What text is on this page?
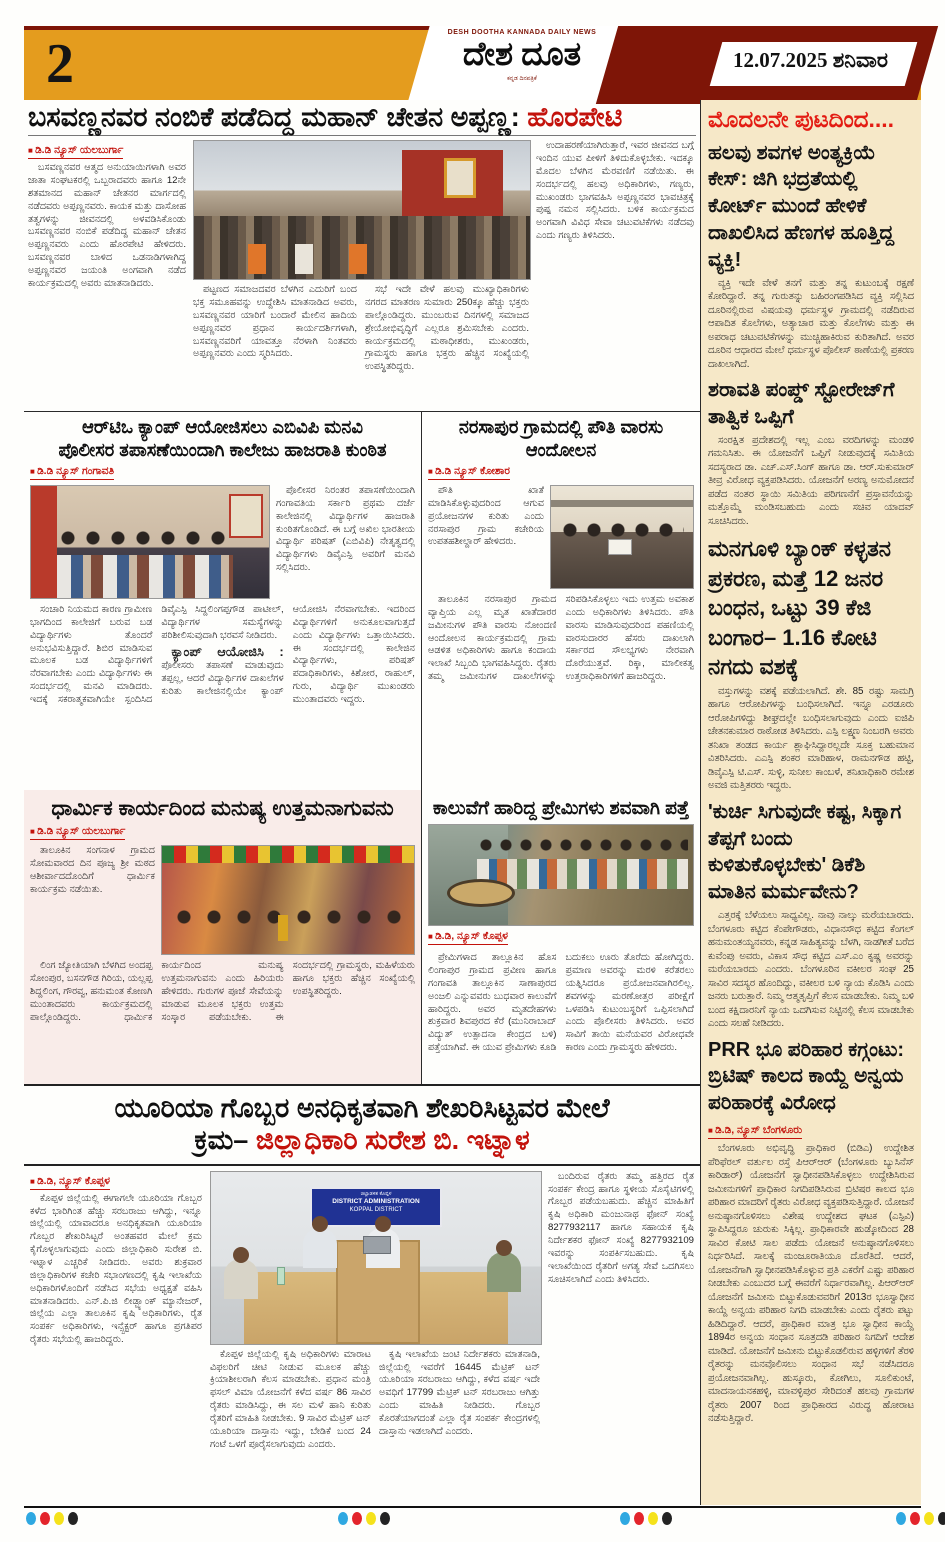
2
DESH DOOTHA KANNADA DAILY NEWS
ದೇಶ ದೂತ
ಕನ್ನಡ ದಿನಪತ್ರಿಕೆ
12.07.2025 ಶನಿವಾರ
ಬಸವಣ್ಣನವರ ನಂಬಿಕೆ ಪಡೆದಿದ್ದ ಮಹಾನ್ ಚೇತನ ಅಪ್ಪಣ್ಣ: ಹೊರಪೇಟಿ
■ ಡಿ.ಡಿ ನ್ಯೂಸ್ ಯಲಬುರ್ಗಾ

ಬಸವಣ್ಣನವರ ಆತ್ಮದ ಅನುಯಾಯಿಗಳಾಗಿ ಅವರ ಜಾತಾ ಸಂಘಟಕರಲ್ಲಿ ಒಬ್ಬರಾದವರು ಹಾಗೂ 12ನೇ ಶತಮಾನದ ಮಹಾನ್ ಚೇತನರ ಮಾರ್ಗದಲ್ಲಿ ನಡೆದವರು ಅಪ್ಪಣ್ಣನವರು. ಕಾಯಕ ಮತ್ತು ದಾಸೋಹ ತತ್ವಗಳನ್ನು ಜೀವನದಲ್ಲಿ ಅಳವಡಿಸಿಕೊಂಡು ಬಸವಣ್ಣನವರ ನಂಬಿಕೆ ಪಡೆದಿದ್ದ ಮಹಾನ್ ಚೇತನ ಅಪ್ಪಣ್ಣನವರು ಎಂದು ಹೊರಪೇಟಿ ಹೇಳಿದರು. ಬಸವಣ್ಣನವರ ಬಾಳಿದ ಒಡನಾಡಿಗಳಾಗಿದ್ದ ಅಪ್ಪಣ್ಣನವರ ಜಯಂತಿ ಅಂಗವಾಗಿ ನಡೆದ ಕಾರ್ಯಕ್ರಮದಲ್ಲಿ ಅವರು ಮಾತನಾಡಿದರು.

ಪಟ್ಟಣದ ಸಮಾಜದವರ ಬೆಳಗಿನ ಎದುರಿಗೆ ಬಂದ ಭಕ್ತ ಸಮೂಹವನ್ನು ಉದ್ದೇಶಿಸಿ ಮಾತನಾಡಿದ ಅವರು, ಬಸವಣ್ಣನವರ ಯಾರಿಗೆ ಬಂದಾರೆ ಮೇಲಿನ ಹಾದಿಯ ಅಪ್ಪಣ್ಣನವರ ಪ್ರಧಾನ ಕಾರ್ಯದರ್ಶಿಗಳಾಗಿ, ಬಸವಣ್ಣನವರಿಗೆ ಯಾವತ್ತೂ ನೆರಳಾಗಿ ನಿಂತವರು ಅಪ್ಪಣ್ಣನವರು ಎಂದು ಸ್ಮರಿಸಿದರು.

ಸಭೆ ಇದೇ ವೇಳೆ ಹಲವು ಮುಖ್ಯಾಧಿಕಾರಿಗಳು ನಗರದ ಮಾತರಣ ಸುಮಾರು 250ಕ್ಕೂ ಹೆಚ್ಚು ಭಕ್ತರು ಪಾಲ್ಗೊಂಡಿದ್ದರು. ಮುಂಬರುವ ದಿನಗಳಲ್ಲಿ ಸಮಾಜದ ಶ್ರೇಯೋಭಿವೃದ್ಧಿಗೆ ಎಲ್ಲರೂ ಶ್ರಮಿಸಬೇಕು ಎಂದರು. ಕಾರ್ಯಕ್ರಮದಲ್ಲಿ ಮಠಾಧೀಶರು, ಮುಖಂಡರು, ಗ್ರಾಮಸ್ಥರು ಹಾಗೂ ಭಕ್ತರು ಹೆಚ್ಚಿನ ಸಂಖ್ಯೆಯಲ್ಲಿ ಉಪಸ್ಥಿತರಿದ್ದರು.

ಉದಾಹರಣೆಯಾಗಿರುತ್ತಾರೆ, ಇವರ ಜೀವನದ ಬಗ್ಗೆ ಇಂದಿನ ಯುವ ಪೀಳಿಗೆ ತಿಳಿದುಕೊಳ್ಳಬೇಕು. ಇದಕ್ಕೂ ಮೊದಲ ಬೆಳಗಿನ ಮೆರವಣಿಗೆ ನಡೆಯಿತು. ಈ ಸಂದರ್ಭದಲ್ಲಿ ಹಲವು ಅಧಿಕಾರಿಗಳು, ಗಣ್ಯರು, ಮುಖಂಡರು ಭಾಗವಹಿಸಿ ಅಪ್ಪಣ್ಣನವರ ಭಾವಚಿತ್ರಕ್ಕೆ ಪುಷ್ಪ ನಮನ ಸಲ್ಲಿಸಿದರು. ಬಳಿಕ ಕಾರ್ಯಕ್ರಮದ ಅಂಗವಾಗಿ ವಿವಿಧ ಸೇವಾ ಚಟುವಟಿಕೆಗಳು ನಡೆದವು ಎಂದು ಗಣ್ಯರು ತಿಳಿಸಿದರು.

ಆರ್‌ಟಿಒ ಕ್ಯಾಂಪ್ ಆಯೋಜಿಸಲು ಎಬಿವಿಪಿ ಮನವಿ
ಪೊಲೀಸರ ತಪಾಸಣೆಯಿಂದಾಗಿ ಕಾಲೇಜು ಹಾಜರಾತಿ ಕುಂಠಿತ
■ ಡಿ.ಡಿ ನ್ಯೂಸ್ ಗಂಗಾವತಿ

ಪೊಲೀಸರ ನಿರಂತರ ತಪಾಸಣೆಯಿಂದಾಗಿ ಗಂಗಾವತಿಯ ಸರ್ಕಾರಿ ಪ್ರಥಮ ದರ್ಜೆ ಕಾಲೇಜಿನಲ್ಲಿ ವಿದ್ಯಾರ್ಥಿಗಳ ಹಾಜರಾತಿ ಕುಂಠಿತಗೊಂಡಿದೆ. ಈ ಬಗ್ಗೆ ಅಖಿಲ ಭಾರತೀಯ ವಿದ್ಯಾರ್ಥಿ ಪರಿಷತ್ (ಎಬಿವಿಪಿ) ನೇತೃತ್ವದಲ್ಲಿ ವಿದ್ಯಾರ್ಥಿಗಳು ಡಿವೈಎಸ್ಪಿ ಅವರಿಗೆ ಮನವಿ ಸಲ್ಲಿಸಿದರು.

ಸಂಚಾರಿ ನಿಯಮದ ಕಾರಣ ಗ್ರಾಮೀಣ ಭಾಗದಿಂದ ಕಾಲೇಜಿಗೆ ಬರುವ ಬಡ ವಿದ್ಯಾರ್ಥಿಗಳು ತೊಂದರೆ ಅನುಭವಿಸುತ್ತಿದ್ದಾರೆ. ಶಿಬಿರ ಮಾಡಿಸುವ ಮೂಲಕ ಬಡ ವಿದ್ಯಾರ್ಥಿಗಳಿಗೆ ನೆರವಾಗಬೇಕು ಎಂದು ವಿದ್ಯಾರ್ಥಿಗಳು ಈ ಸಂದರ್ಭದಲ್ಲಿ ಮನವಿ ಮಾಡಿದರು. ಇದಕ್ಕೆ ಸಕರಾತ್ಮಕವಾಗಿಯೇ ಸ್ಪಂದಿಸಿದ ಡಿವೈಎಸ್ಪಿ ಸಿದ್ದಲಿಂಗಪ್ಪಗೌಡ ಪಾಟೀಲ್, ವಿದ್ಯಾರ್ಥಿಗಳ ಸಮಸ್ಯೆಗಳನ್ನು ಪರಿಶೀಲಿಸುವುದಾಗಿ ಭರವಸೆ ನೀಡಿದರು.

ಕ್ಯಾಂಪ್ ಆಯೋಜಿಸಿ : ಪೊಲೀಸರು ತಪಾಸಣೆ ಮಾಡುವುದು ತಪ್ಪಲ್ಲ, ಆದರೆ ವಿದ್ಯಾರ್ಥಿಗಳ ದಾಖಲೆಗಳ ಕುರಿತು ಕಾಲೇಜಿನಲ್ಲಿಯೇ ಕ್ಯಾಂಪ್ ಆಯೋಜಿಸಿ ನೆರವಾಗಬೇಕು. ಇದರಿಂದ ವಿದ್ಯಾರ್ಥಿಗಳಿಗೆ ಅನುಕೂಲವಾಗುತ್ತದೆ ಎಂದು ವಿದ್ಯಾರ್ಥಿಗಳು ಒತ್ತಾಯಿಸಿದರು. ಈ ಸಂದರ್ಭದಲ್ಲಿ ಕಾಲೇಜಿನ ವಿದ್ಯಾರ್ಥಿಗಳು, ಪರಿಷತ್ ಪದಾಧಿಕಾರಿಗಳು, ಕಿಶೋರ, ರಾಹುಲ್, ಗುರು, ವಿದ್ಯಾರ್ಥಿ ಮುಖಂಡರು ಮುಂತಾದವರು ಇದ್ದರು.

ನರಸಾಪುರ ಗ್ರಾಮದಲ್ಲಿ ಪೌತಿ ವಾರಸು ಆಂದೋಲನ
■ ಡಿ.ಡಿ ನ್ಯೂಸ್ ಕೋಶಾರ

ಪೌತಿ ಖಾತೆ ಮಾಡಿಸಿಕೊಳ್ಳುವುದರಿಂದ ಆಗುವ ಪ್ರಯೋಜನಗಳ ಕುರಿತು ಎಂದು ನರಸಾಪುರ ಗ್ರಾಮ ಕಚೇರಿಯ ಉಪತಹಶೀಲ್ದಾರ್ ಹೇಳಿದರು.

ತಾಲೂಕಿನ ನರಸಾಪುರ ಗ್ರಾಮದ ವ್ಯಾಪ್ತಿಯ ಎಲ್ಲ ಮೃತ ಖಾತೆದಾರರ ಜಮೀನುಗಳ ಪೌತಿ ವಾರಸು ನೋಂದಣಿ ಆಂದೋಲನ ಕಾರ್ಯಕ್ರಮದಲ್ಲಿ ಗ್ರಾಮ ಆಡಳಿತ ಅಧಿಕಾರಿಗಳು ಹಾಗೂ ಕಂದಾಯ ಇಲಾಖೆ ಸಿಬ್ಬಂದಿ ಭಾಗವಹಿಸಿದ್ದರು. ರೈತರು ತಮ್ಮ ಜಮೀನುಗಳ ದಾಖಲೆಗಳನ್ನು ಸರಿಪಡಿಸಿಕೊಳ್ಳಲು ಇದು ಉತ್ತಮ ಅವಕಾಶ ಎಂದು ಅಧಿಕಾರಿಗಳು ತಿಳಿಸಿದರು. ಪೌತಿ ವಾರಸು ಮಾಡಿಸುವುದರಿಂದ ಪಹಣಿಯಲ್ಲಿ ವಾರಸುದಾರರ ಹೆಸರು ದಾಖಲಾಗಿ ಸರ್ಕಾರದ ಸೌಲಭ್ಯಗಳು ನೇರವಾಗಿ ದೊರೆಯುತ್ತವೆ. ರಿಕ್ಕಾ, ಮಾಲೀಕತ್ವ ಉತ್ತರಾಧಿಕಾರಿಗಳಿಗೆ ಹಾಜರಿದ್ದರು.

ಧಾರ್ಮಿಕ ಕಾರ್ಯದಿಂದ ಮನುಷ್ಯ ಉತ್ತಮನಾಗುವನು
■ ಡಿ.ಡಿ ನ್ಯೂಸ್ ಯಲಬುರ್ಗಾ

ತಾಲೂಕಿನ ಸಂಗನಾಳ ಗ್ರಾಮದ ಸೋಮವಾರದ ದಿನ ಪೂಜ್ಯ ಶ್ರೀ ಮಠದ ಆಶೀರ್ವಾದದೊಂದಿಗೆ ಧಾರ್ಮಿಕ ಕಾರ್ಯಕ್ರಮ ನಡೆಯಿತು.

ಲಿಂಗ ಜ್ಯೋತಿಯಾಗಿ ಬೆಳಗಿದ ಅಂದಪ್ಪ ಸೋಂಪುರ, ಬಸನಗೌಡ ಗಿರಿಯ, ಯಲ್ಲಪ್ಪ ಶಿದ್ದಲಿಂಗ, ಗೌರವ್ವ, ಹನುಮಂತ ಕೋಣಗಿ ಮುಂತಾದವರು ಕಾರ್ಯಕ್ರಮದಲ್ಲಿ ಪಾಲ್ಗೊಂಡಿದ್ದರು. ಧಾರ್ಮಿಕ ಕಾರ್ಯದಿಂದ ಮನುಷ್ಯ ಉತ್ತಮನಾಗುವನು ಎಂದು ಹಿರಿಯರು ಹೇಳಿದರು. ಗುರುಗಳ ಪೂಜೆ ಸೇವೆಯನ್ನು ಮಾಡುವ ಮೂಲಕ ಭಕ್ತರು ಉತ್ತಮ ಸಂಸ್ಕಾರ ಪಡೆಯಬೇಕು. ಈ ಸಂದರ್ಭದಲ್ಲಿ ಗ್ರಾಮಸ್ಥರು, ಮಹಿಳೆಯರು ಹಾಗೂ ಭಕ್ತರು ಹೆಚ್ಚಿನ ಸಂಖ್ಯೆಯಲ್ಲಿ ಉಪಸ್ಥಿತರಿದ್ದರು.

ಕಾಲುವೆಗೆ ಹಾರಿದ್ದ ಪ್ರೇಮಿಗಳು ಶವವಾಗಿ ಪತ್ತೆ
■ ಡಿ.ಡಿ, ನ್ಯೂಸ್ ಕೊಪ್ಪಳ

ಪ್ರೇಮಿಗಳಾದ ತಾಲ್ಲೂಕಿನ ಹೊಸ ಲಿಂಗಾಪುರ ಗ್ರಾಮದ ಪ್ರವೀಣ ಹಾಗೂ ಗಂಗಾವತಿ ತಾಲ್ಲೂಕಿನ ಸಾಣಾಪುರದ ಅಂಜಲಿ ಎನ್ನುವವರು ಬುಧವಾರ ಕಾಲುವೆಗೆ ಹಾರಿದ್ದರು. ಅವರ ಮೃತದೇಹಗಳು ಶುಕ್ರವಾರ ಶಿವಪುರದ ಕೆರೆ (ಮುನಿರಾಬಾದ್ ವಿದ್ಯುತ್ ಉತ್ಪಾದನಾ ಕೇಂದ್ರದ ಬಳಿ) ಪತ್ತೆಯಾಗಿವೆ. ಈ ಯುವ ಪ್ರೇಮಿಗಳು ಕೂಡಿ ಬದುಕಲು ಊರು ತೊರೆದು ಹೋಗಿದ್ದರು. ಪ್ರಮಾಣ ಅವರನ್ನು ಮರಳಿ ಕರೆತರಲು ಯತ್ನಿಸಿದರೂ ಪ್ರಯೋಜನವಾಗಿರಲಿಲ್ಲ. ಶವಗಳನ್ನು ಮರಣೋತ್ತರ ಪರೀಕ್ಷೆಗೆ ಒಳಪಡಿಸಿ ಕುಟುಂಬಸ್ಥರಿಗೆ ಒಪ್ಪಿಸಲಾಗಿದೆ ಎಂದು ಪೊಲೀಸರು ತಿಳಿಸಿದರು. ಅವರ ಸಾವಿಗೆ ತಾಯಿ ಮನೆಯವರ ವಿರೋಧವೇ ಕಾರಣ ಎಂದು ಗ್ರಾಮಸ್ಥರು ಹೇಳಿದರು.

ಯೂರಿಯಾ ಗೊಬ್ಬರ ಅನಧಿಕೃತವಾಗಿ ಶೇಖರಿಸಿಟ್ಟವರ ಮೇಲೆ
ಕ್ರಮ– ಜಿಲ್ಲಾಧಿಕಾರಿ ಸುರೇಶ ಬಿ. ಇಟ್ನಾಳ
■ ಡಿ.ಡಿ, ನ್ಯೂಸ್ ಕೊಪ್ಪಳ

ಕೊಪ್ಪಳ ಜಿಲ್ಲೆಯಲ್ಲಿ ಈಗಾಗಲೇ ಯೂರಿಯಾ ಗೊಬ್ಬರ ಕಳೆದ ಭಾರಿಗಿಂತ ಹೆಚ್ಚು ಸರಬರಾಜು ಆಗಿದ್ದು, ಇನ್ನೂ ಜಿಲ್ಲೆಯಲ್ಲಿ ಯಾವಾದರೂ ಅನಧಿಕೃತವಾಗಿ ಯೂರಿಯಾ ಗೊಬ್ಬರ ಶೇಖರಿಸಿಟ್ಟರೆ ಅಂತಹವರ ಮೇಲೆ ಕ್ರಮ ಕೈಗೊಳ್ಳಲಾಗುವುದು ಎಂದು ಜಿಲ್ಲಾಧಿಕಾರಿ ಸುರೇಶ ಬಿ. ಇಟ್ನಾಳ ಎಚ್ಚರಿಕೆ ನೀಡಿದರು. ಅವರು ಶುಕ್ರವಾರ ಜಿಲ್ಲಾಧಿಕಾರಿಗಳ ಕಚೇರಿ ಸಭಾಂಗಣದಲ್ಲಿ ಕೃಷಿ ಇಲಾಖೆಯ ಅಧಿಕಾರಿಗಳೊಂದಿಗೆ ನಡೆಸಿದ ಸಭೆಯ ಅಧ್ಯಕ್ಷತೆ ವಹಿಸಿ ಮಾತನಾಡಿದರು. ಎನ್.ಪಿ.ಜಿ ಲೀಡ್ಬ್ಯಾಂಕ್ ಮ್ಯಾನೇಜರ್, ಜಿಲ್ಲೆಯ ಎಲ್ಲಾ ತಾಲೂಕಿನ ಕೃಷಿ ಅಧಿಕಾರಿಗಳು, ರೈತ ಸಂಪರ್ಕ ಅಧಿಕಾರಿಗಳು, ಇನ್ಸ್ಪೆಕ್ಟರ್ ಹಾಗೂ ಪ್ರಗತಿಪರ ರೈತರು ಸಭೆಯಲ್ಲಿ ಹಾಜರಿದ್ದರು.

ಜಿಲ್ಲಾಡಳಿತ ಕೊಪ್ಪಳ
DISTRICT ADMINISTRATION
KOPPAL DISTRICT

ಕೊಪ್ಪಳ ಜಿಲ್ಲೆಯಲ್ಲಿ ಕೃಷಿ ಅಧಿಕಾರಿಗಳು ಮಾರಾಟ ವಿಫಲರಿಗೆ ಚೀಟಿ ನೀಡುವ ಮೂಲಕ ಹೆಚ್ಚು ಕ್ರಿಯಾಶೀಲರಾಗಿ ಕೆಲಸ ಮಾಡಬೇಕು. ಪ್ರಧಾನ ಮಂತ್ರಿ ಫಸಲ್ ವಿಮಾ ಯೋಜನೆಗೆ ಕಳೆದ ವರ್ಷ 86 ಸಾವಿರ ರೈತರು ಮಾಡಿಸಿದ್ದು, ಈ ಸಲ ಮಳೆ ಹಾನಿ ಕುರಿತು ರೈತರಿಗೆ ಮಾಹಿತಿ ನೀಡಬೇಕು. 9 ಸಾವಿರ ಮೆಟ್ರಿಕ್ ಟನ್ ಯೂರಿಯಾ ದಾಸ್ತಾನು ಇದ್ದು, ಬೇಡಿಕೆ ಬಂದ 24 ಗಂಟೆ ಒಳಗೆ ಪೂರೈಸಲಾಗುವುದು ಎಂದರು.

ಕೃಷಿ ಇಲಾಖೆಯ ಜಂಟಿ ನಿರ್ದೇಶಕರು ಮಾತನಾಡಿ, ಜಿಲ್ಲೆಯಲ್ಲಿ ಇವರೆಗೆ 16445 ಮೆಟ್ರಿಕ್ ಟನ್ ಯೂರಿಯಾ ಸರಬರಾಜು ಆಗಿದ್ದು, ಕಳೆದ ವರ್ಷ ಇದೇ ಅವಧಿಗೆ 17799 ಮೆಟ್ರಿಕ್ ಟನ್ ಸರಬರಾಜು ಆಗಿತ್ತು ಎಂದು ಮಾಹಿತಿ ನೀಡಿದರು. ಗೊಬ್ಬರ ಕೊರತೆಯಾಗದಂತೆ ಎಲ್ಲಾ ರೈತ ಸಂಪರ್ಕ ಕೇಂದ್ರಗಳಲ್ಲಿ ದಾಸ್ತಾನು ಇಡಲಾಗಿದೆ ಎಂದರು.

ಬಂದಿರುವ ರೈತರು ತಮ್ಮ ಹತ್ತಿರದ ರೈತ ಸಂಪರ್ಕ ಕೇಂದ್ರ ಹಾಗೂ ಸ್ಥಳೀಯ ಸೊಸೈಟಿಗಳಲ್ಲಿ ಗೊಬ್ಬರ ಪಡೆಯಬಹುದು. ಹೆಚ್ಚಿನ ಮಾಹಿತಿಗೆ ಕೃಷಿ ಅಧಿಕಾರಿ ಮಂಜುನಾಥ ಫೋನ್ ಸಂಖ್ಯೆ 8277932117 ಹಾಗೂ ಸಹಾಯಕ ಕೃಷಿ ನಿರ್ದೇಶಕರ ಫೋನ್ ಸಂಖ್ಯೆ 8277932109 ಇವರನ್ನು ಸಂಪರ್ಕಿಸಬಹುದು. ಕೃಷಿ ಇಲಾಖೆಯಿಂದ ರೈತರಿಗೆ ಅಗತ್ಯ ಸೇವೆ ಒದಗಿಸಲು ಸೂಚಿಸಲಾಗಿದೆ ಎಂದು ತಿಳಿಸಿದರು.

ಮೊದಲನೇ ಪುಟದಿಂದ....
ಹಲವು ಶವಗಳ ಅಂತ್ಯಕ್ರಿಯೆ ಕೇಸ್: ಜಿಗಿ ಭದ್ರತೆಯಲ್ಲಿ ಕೋರ್ಟ್ ಮುಂದೆ ಹೇಳಿಕೆ ದಾಖಲಿಸಿದ ಹೆಣಗಳ ಹೂತ್ತಿದ್ದ ವ್ಯಕ್ತಿ!

ವ್ಯಕ್ತಿ ಇದೇ ವೇಳೆ ತನಗೆ ಮತ್ತು ತನ್ನ ಕುಟುಂಬಕ್ಕೆ ರಕ್ಷಣೆ ಕೋರಿದ್ದಾರೆ. ತನ್ನ ಗುರುತನ್ನು ಬಹಿರಂಗಪಡಿಸಿದ ವ್ಯಕ್ತಿ ಸಲ್ಲಿಸಿದ ದೂರಿನಲ್ಲಿರುವ ವಿಷಯವು ಧರ್ಮಸ್ಥಳ ಗ್ರಾಮದಲ್ಲಿ ನಡೆದಿರುವ ಆಪಾದಿತ ಕೊಲೆಗಳು, ಅತ್ಯಾಚಾರ ಮತ್ತು ಕೊಲೆಗಳು ಮತ್ತು ಈ ಅಪರಾಧ ಚಟುವಟಿಕೆಗಳನ್ನು ಮುಚ್ಚಿಹಾಕಿರುವ ಕುರಿತಾಗಿದೆ. ಅವರ ದೂರಿನ ಆಧಾರದ ಮೇಲೆ ಧರ್ಮಸ್ಥಳ ಪೊಲೀಸ್ ಠಾಣೆಯಲ್ಲಿ ಪ್ರಕರಣ ದಾಖಲಾಗಿದೆ.

ಶರಾವತಿ ಪಂಪ್ಡ್ ಸ್ಟೋರೇಜ್‌ಗೆ ತಾತ್ವಿಕ ಒಪ್ಪಿಗೆ

ಸಂರಕ್ಷಿತ ಪ್ರದೇಶದಲ್ಲಿ ಇಲ್ಲ ಎಂಬ ವರದಿಗಳನ್ನು ಮಂಡಳಿ ಗಮನಿಸಿತು. ಈ ಯೋಜನೆಗೆ ಒಪ್ಪಿಗೆ ನೀಡುವುದಕ್ಕೆ ಸಮಿತಿಯ ಸದಸ್ಯರಾದ ಡಾ. ಎಚ್.ಎಸ್.ಸಿಂಗ್ ಹಾಗೂ ಡಾ. ಆರ್.ಸುಕುಮಾರ್ ತೀವ್ರ ವಿರೋಧ ವ್ಯಕ್ತಪಡಿಸಿದರು. ಯೋಜನೆಗೆ ಅರಣ್ಯ ಅನುಮೋದನೆ ಪಡೆದ ನಂತರ ಸ್ಥಾಯಿ ಸಮಿತಿಯ ಪರಿಗಣನೆಗೆ ಪ್ರಸ್ತಾವನೆಯನ್ನು ಮತ್ತೊಮ್ಮೆ ಮಂಡಿಸಬಹುದು ಎಂದು ಸಚಿವ ಯಾದವ್ ಸೂಚಿಸಿದರು.

ಮನಗೂಳಿ ಬ್ಯಾಂಕ್ ಕಳ್ಳತನ ಪ್ರಕರಣ, ಮತ್ತೆ 12 ಜನರ ಬಂಧನ, ಒಟ್ಟು 39 ಕೆಜಿ ಬಂಗಾರ– 1.16 ಕೋಟಿ ನಗದು ವಶಕ್ಕೆ

ವಸ್ತುಗಳನ್ನು ವಶಕ್ಕೆ ಪಡೆಯಲಾಗಿದೆ. ಶೇ. 85 ರಷ್ಟು ಸಾಮಗ್ರಿ ಹಾಗೂ ಆರೋಪಿಗಳನ್ನು ಬಂಧಿಸಲಾಗಿದೆ. ಇನ್ನೂ ಎರಡೂರು ಆರೋಪಿಗಳಿದ್ದು ಶೀಘ್ರದಲ್ಲೇ ಬಂಧಿಸಲಾಗುವುದು ಎಂದು ಐಜಿಪಿ ಚೇತನಕುಮಾರ ರಾಠೋಡ ತಿಳಿಸಿದರು. ಎಸ್ಪಿ ಲಕ್ಷ್ಮಣ ನಿಂಬರಗಿ ಅವರು ತನಿಖಾ ತಂಡದ ಕಾರ್ಯ ಶ್ಲಾಘಿಸಿದ್ದಾರಲ್ಲದೇ ಸೂಕ್ತ ಬಹುಮಾನ ವಿತರಿಸಿದರು. ಎಎಸ್ಪಿ ಶಂಕರ ಮಾರಿಹಾಳ, ರಾಮನಗೌಡ ಹಟ್ಟಿ, ಡಿವೈಎಸ್ಪಿ ಟಿ.ಎಸ್. ಸುಳ್ಳಿ, ಸುನೀಲ ಕಾಂಬಳೆ, ತನಿಖಾಧಿಕಾರಿ ರಮೇಶ ಅವಜಿ ಮತ್ತಿತರರು ಇದ್ದರು.

'ಕುರ್ಚಿ ಸಿಗುವುದೇ ಕಷ್ಟ, ಸಿಕ್ಕಾಗ ತೆಪ್ಪಗೆ ಬಂದು ಕುಳಿತುಕೊಳ್ಳಬೇಕು' ಡಿಕೆಶಿ ಮಾತಿನ ಮರ್ಮವೇನು?

ಎತ್ತರಕ್ಕೆ ಬೆಳೆಯಲು ಸಾಧ್ಯವಿಲ್ಲ. ನಾವು ನಾಲ್ಕು ಮರೆಯಬಾರದು. ಬೆಂಗಳೂರು ಕಟ್ಟಿದ ಕೆಂಪೇಗೌಡರು, ವಿಧಾನಸೌಧ ಕಟ್ಟಿದ ಕೆಂಗಲ್ ಹನುಮಂತಯ್ಯನವರು, ಕನ್ನಡ ಸಾಹಿತ್ಯವನ್ನು ಬೆಳಗಿ, ನಾಡಗೀತೆ ಬರೆದ ಕುವೆಂಪು ಅವರು, ವಿಕಾಸ ಸೌಧ ಕಟ್ಟಿದ ಎಸ್.ಎಂ ಕೃಷ್ಣ ಅವರನ್ನು ಮರೆಯಬಾರದು ಎಂದರು. ಬೆಂಗಳೂರಿನ ವಕೀಲರ ಸಂಘ 25 ಸಾವಿರ ಸದಸ್ಯರ ಹೊಂದಿದ್ದು, ವಕೀಲರ ಬಳಿ ನ್ಯಾಯ ಕೊಡಿಸಿ ಎಂದು ಜನರು ಬರುತ್ತಾರೆ. ನಿಮ್ಮ ಆತ್ಮತೃಪ್ತಿಗೆ ಕೆಲಸ ಮಾಡಬೇಕು. ನಿಮ್ಮ ಬಳಿ ಬಂದ ಕಕ್ಷಿದಾರನಿಗೆ ನ್ಯಾಯ ಒದಗಿಸುವ ನಿಟ್ಟಿನಲ್ಲಿ ಕೆಲಸ ಮಾಡಬೇಕು ಎಂದು ಸಲಹೆ ನೀಡಿದರು.

PRR ಭೂ ಪರಿಹಾರ ಕಗ್ಗಂಟು: ಬ್ರಿಟಿಷ್ ಕಾಲದ ಕಾಯ್ದೆ ಅನ್ವಯ ಪರಿಹಾರಕ್ಕೆ ವಿರೋಧ
■ ಡಿ.ಡಿ, ನ್ಯೂಸ್ ಬೆಂಗಳೂರು

ಬೆಂಗಳೂರು ಅಭಿವೃದ್ಧಿ ಪ್ರಾಧಿಕಾರ (ಬಿಡಿಎ) ಉದ್ದೇಶಿತ ಪೆರಿಫೆರಲ್ ವರ್ತುಲ ರಸ್ತೆ ಪಿಆರ್‌ಆರ್ (ಬೆಂಗಳೂರು ಬ್ಯುಸಿನೆಸ್ ಕಾರಿಡಾರ್) ಯೋಜನೆಗೆ ಸ್ವಾಧೀನಪಡಿಸಿಕೊಳ್ಳಲು ಉದ್ದೇಶಿಸಿರುವ ಜಮೀನುಗಳಿಗೆ ಪ್ರಾಧಿಕಾರ ನಿಗದಿಪಡಿಸಿರುವ ಬ್ರಿಟಿಷರ ಕಾಲದ ಭೂ ಪರಿಹಾರ ಮಾದರಿಗೆ ರೈತರು ವಿರೋಧ ವ್ಯಕ್ತಪಡಿಸುತ್ತಿದ್ದಾರೆ. ಯೋಜನೆ ಅನುಷ್ಠಾನಗೊಳಿಸಲು ವಿಶೇಷ ಉದ್ದೇಶದ ಘಟಕ (ಎಸ್ಪಿವಿ) ಸ್ಥಾಪಿಸಿದ್ದರೂ ಚುರುಕು ಸಿಕ್ಕಿಲ್ಲ. ಪ್ರಾಧಿಕಾರವೇ ಹುಡ್ಕೋದಿಂದ 28 ಸಾವಿರ ಕೋಟಿ ಸಾಲ ಪಡೆದು ಯೋಜನೆ ಅನುಷ್ಠಾನಗೊಳಿಸಲು ನಿರ್ಧರಿಸಿದೆ. ಸಾಲಕ್ಕೆ ಮಂಜೂರಾತಿಯೂ ದೊರೆತಿದೆ. ಆದರೆ, ಯೋಜನೆಗಾಗಿ ಸ್ವಾಧೀನಪಡಿಸಿಕೊಳ್ಳುವ ಪ್ರತಿ ಎಕರೆಗೆ ಎಷ್ಟು ಪರಿಹಾರ ನೀಡಬೇಕು ಎಂಬುದರ ಬಗ್ಗೆ ಈವರೆಗೆ ನಿರ್ಧಾರವಾಗಿಲ್ಲ. ಪಿಆರ್‌ಆರ್ ಯೋಜನೆಗೆ ಜಮೀನು ಬಿಟ್ಟುಕೊಡುವವರಿಗೆ 2013ರ ಭೂಸ್ವಾಧೀನ ಕಾಯ್ದೆ ಅನ್ವಯ ಪರಿಹಾರ ನಿಗದಿ ಮಾಡಬೇಕು ಎಂದು ರೈತರು ಪಟ್ಟು ಹಿಡಿದಿದ್ದಾರೆ. ಆದರೆ, ಪ್ರಾಧಿಕಾರ ಮಾತ್ರ ಭೂ ಸ್ವಾಧೀನ ಕಾಯ್ದೆ 1894ರ ಅನ್ವಯ ಸಂಧಾನ ಸೂತ್ರದಡಿ ಪರಿಹಾರ ನಿಗದಿಗೆ ಆದೇಶ ಮಾಡಿದೆ. ಯೋಜನೆಗೆ ಜಮೀನು ಬಿಟ್ಟುಕೊಡಲಿರುವ ಹಳ್ಳಿಗಳಿಗೆ ತೆರಳಿ ರೈತರನ್ನು ಮನವೊಲಿಸಲು ಸಂಧಾನ ಸಭೆ ನಡೆಸಿದರೂ ಪ್ರಯೋಜನವಾಗಿಲ್ಲ. ಹುಸ್ಕೂರು, ಕೋಗಿಲು, ಸೂಲಿಕುಂಟೆ, ಮಾದನಾಯನಕಹಳ್ಳಿ, ಮಾವಳ್ಳಿಪುರ ಸೇರಿದಂತೆ ಹಲವು ಗ್ರಾಮಗಳ ರೈತರು 2007 ರಿಂದ ಪ್ರಾಧಿಕಾರದ ವಿರುದ್ಧ ಹೋರಾಟ ನಡೆಸುತ್ತಿದ್ದಾರೆ.
